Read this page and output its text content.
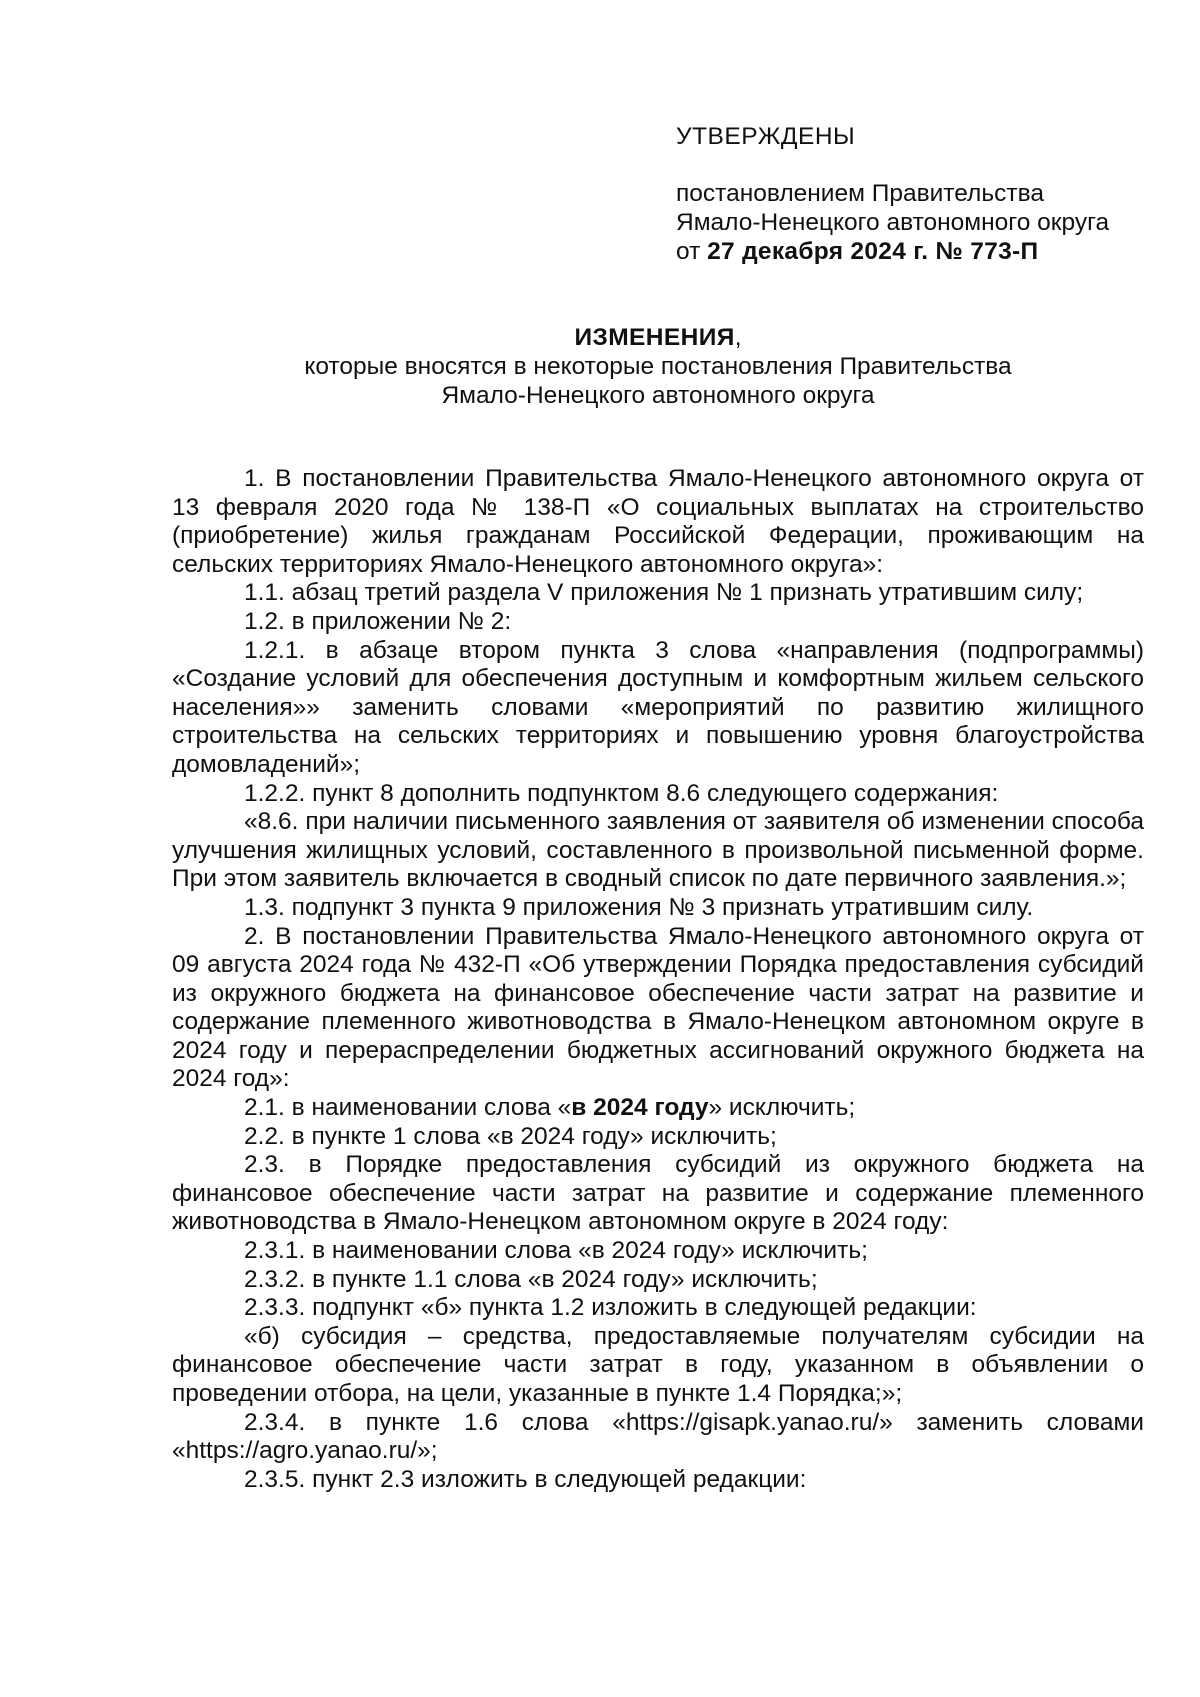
УТВЕРЖДЕНЫ

постановлением Правительства

Ямало-Ненецкого автономного округа

от 27 декабря 2024 г. № 773-П

ИЗМЕНЕНИЯ,

которые вносятся в некоторые постановления Правительства

Ямало-Ненецкого автономного округа

1. В постановлении Правительства Ямало-Ненецкого автономного округа от 13 февраля 2020 года № 138-П «О социальных выплатах на строительство (приобретение) жилья гражданам Российской Федерации, проживающим на сельских территориях Ямало-Ненецкого автономного округа»:

1.1. абзац третий раздела V приложения № 1 признать утратившим силу;

1.2. в приложении № 2:

1.2.1. в абзаце втором пункта 3 слова «направления (подпрограммы) «Создание условий для обеспечения доступным и комфортным жильем сельского населения»» заменить словами «мероприятий по развитию жилищного строительства на сельских территориях и повышению уровня благоустройства домовладений»;

1.2.2. пункт 8 дополнить подпунктом 8.6 следующего содержания:

«8.6. при наличии письменного заявления от заявителя об изменении способа улучшения жилищных условий, составленного в произвольной письменной форме. При этом заявитель включается в сводный список по дате первичного заявления.»;

1.3. подпункт 3 пункта 9 приложения № 3 признать утратившим силу.

2. В постановлении Правительства Ямало-Ненецкого автономного округа от 09 августа 2024 года № 432-П «Об утверждении Порядка предоставления субсидий из окружного бюджета на финансовое обеспечение части затрат на развитие и содержание племенного животноводства в Ямало-Ненецком автономном округе в 2024 году и перераспределении бюджетных ассигнований окружного бюджета на 2024 год»:

2.1. в наименовании слова «в 2024 году» исключить;

2.2. в пункте 1 слова «в 2024 году» исключить;

2.3. в Порядке предоставления субсидий из окружного бюджета на финансовое обеспечение части затрат на развитие и содержание племенного животноводства в Ямало-Ненецком автономном округе в 2024 году:

2.3.1. в наименовании слова «в 2024 году» исключить;

2.3.2. в пункте 1.1 слова «в 2024 году» исключить;

2.3.3. подпункт «б» пункта 1.2 изложить в следующей редакции:

«б) субсидия – средства, предоставляемые получателям субсидии на финансовое обеспечение части затрат в году, указанном в объявлении о проведении отбора, на цели, указанные в пункте 1.4 Порядка;»;

2.3.4. в пункте 1.6 слова «https://gisapk.yanao.ru/» заменить словами «https://agro.yanao.ru/»;

2.3.5. пункт 2.3 изложить в следующей редакции:
